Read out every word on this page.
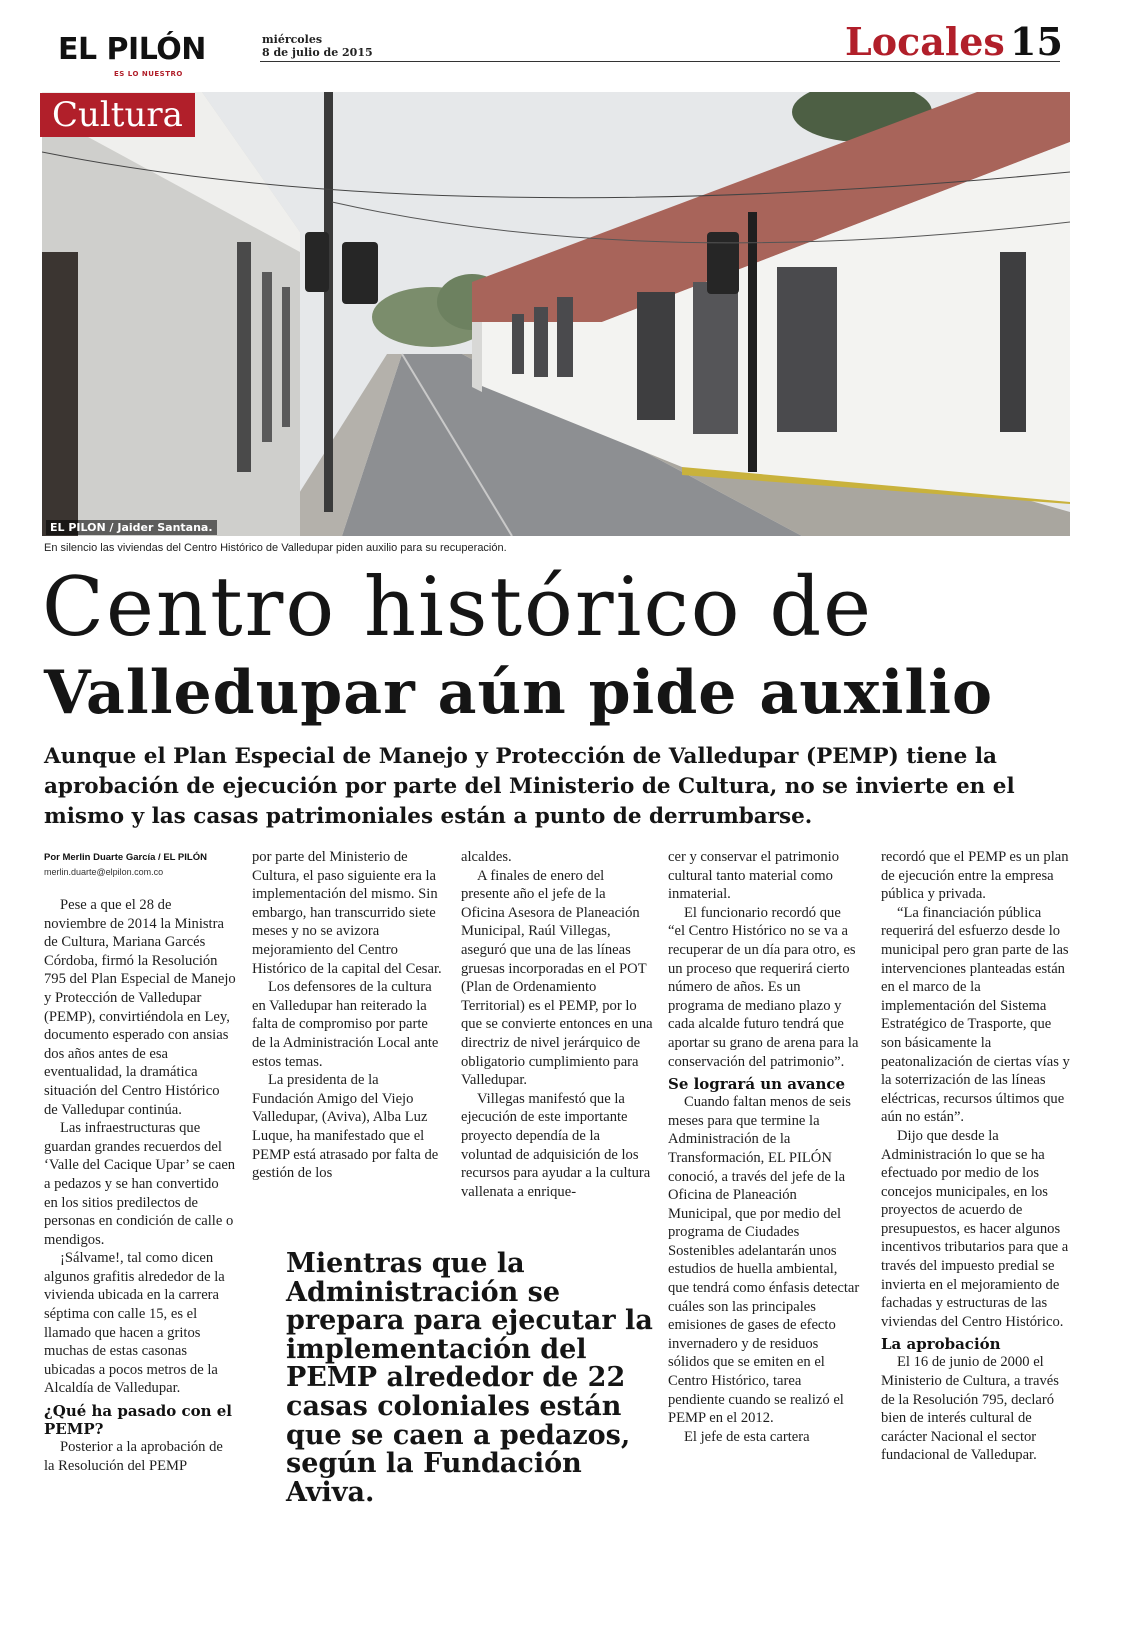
EL PILÓN
ES LO NUESTRO
miércoles
8 de julio de 2015	Locales 15
Cultura
EL PILON / Jaider Santana.
En silencio las viviendas del Centro Histórico de Valledupar piden auxilio para su recuperación.
Centro histórico de
Valledupar aún pide auxilio
Aunque el Plan Especial de Manejo y Protección de Valledupar (PEMP) tiene la aprobación de ejecución por parte del Ministerio de Cultura, no se invierte en el mismo y las casas patrimoniales están a punto de derrumbarse.
Por Merlin Duarte García / EL PILÓN
merlin.duarte@elpilon.com.co

Pese a que el 28 de noviembre de 2014 la Ministra de Cultura, Mariana Garcés Córdoba, firmó la Resolución 795 del Plan Especial de Manejo y Protección de Valledupar (PEMP), convirtiéndola en Ley, documento esperado con ansias dos años antes de esa eventualidad, la dramática situación del Centro Histórico de Valledupar continúa.

Las infraestructuras que guardan grandes recuerdos del ‘Valle del Cacique Upar’ se caen a pedazos y se han convertido en los sitios predilectos de personas en condición de calle o mendigos.

¡Sálvame!, tal como dicen algunos grafitis alrededor de la vivienda ubicada en la carrera séptima con calle 15, es el llamado que hacen a gritos muchas de estas casonas ubicadas a pocos metros de la Alcaldía de Valledupar.

¿Qué ha pasado con el PEMP?

Posterior a la aprobación de la Resolución del PEMP

por parte del Ministerio de Cultura, el paso siguiente era la implementación del mismo. Sin embargo, han transcurrido siete meses y no se avizora mejoramiento del Centro Histórico de la capital del Cesar.

Los defensores de la cultura en Valledupar han reiterado la falta de compromiso por parte de la Administración Local ante estos temas.

La presidenta de la Fundación Amigo del Viejo Valledupar, (Aviva), Alba Luz Luque, ha manifestado que el PEMP está atrasado por falta de gestión de los

alcaldes.

A finales de enero del presente año el jefe de la Oficina Asesora de Planeación Municipal, Raúl Villegas, aseguró que una de las líneas gruesas incorporadas en el POT (Plan de Ordenamiento Territorial) es el PEMP, por lo que se convierte entonces en una directriz de nivel jerárquico de obligatorio cumplimiento para Valledupar.

Villegas manifestó que la ejecución de este importante proyecto dependía de la voluntad de adquisición de los recursos para ayudar a la cultura vallenata a enrique-

cer y conservar el patrimonio cultural tanto material como inmaterial.

El funcionario recordó que “el Centro Histórico no se va a recuperar de un día para otro, es un proceso que requerirá cierto número de años. Es un programa de mediano plazo y cada alcalde futuro tendrá que aportar su grano de arena para la conservación del patrimonio”.

Se logrará un avance

Cuando faltan menos de seis meses para que termine la Administración de la Transformación, EL PILÓN conoció, a través del jefe de la Oficina de Planeación Municipal, que por medio del programa de Ciudades Sostenibles adelantarán unos estudios de huella ambiental, que tendrá como énfasis detectar cuáles son las principales emisiones de gases de efecto invernadero y de residuos sólidos que se emiten en el Centro Histórico, tarea pendiente cuando se realizó el PEMP en el 2012.

El jefe de esta cartera

recordó que el PEMP es un plan de ejecución entre la empresa pública y privada.

“La financiación pública requerirá del esfuerzo desde lo municipal pero gran parte de las intervenciones planteadas están en el marco de la implementación del Sistema Estratégico de Trasporte, que son básicamente la peatonalización de ciertas vías y la soterrización de las líneas eléctricas, recursos últimos que aún no están”.

Dijo que desde la Administración lo que se ha efectuado por medio de los concejos municipales, en los proyectos de acuerdo de presupuestos, es hacer algunos incentivos tributarios para que a través del impuesto predial se invierta en el mejoramiento de fachadas y estructuras de las viviendas del Centro Histórico.

La aprobación

El 16 de junio de 2000 el Ministerio de Cultura, a través de la Resolución 795, declaró bien de interés cultural de carácter Nacional el sector fundacional de Valledupar.

Mientras que la Administración se prepara para ejecutar la implementación del PEMP alrededor de 22 casas coloniales están que se caen a pedazos, según la Fundación Aviva.
